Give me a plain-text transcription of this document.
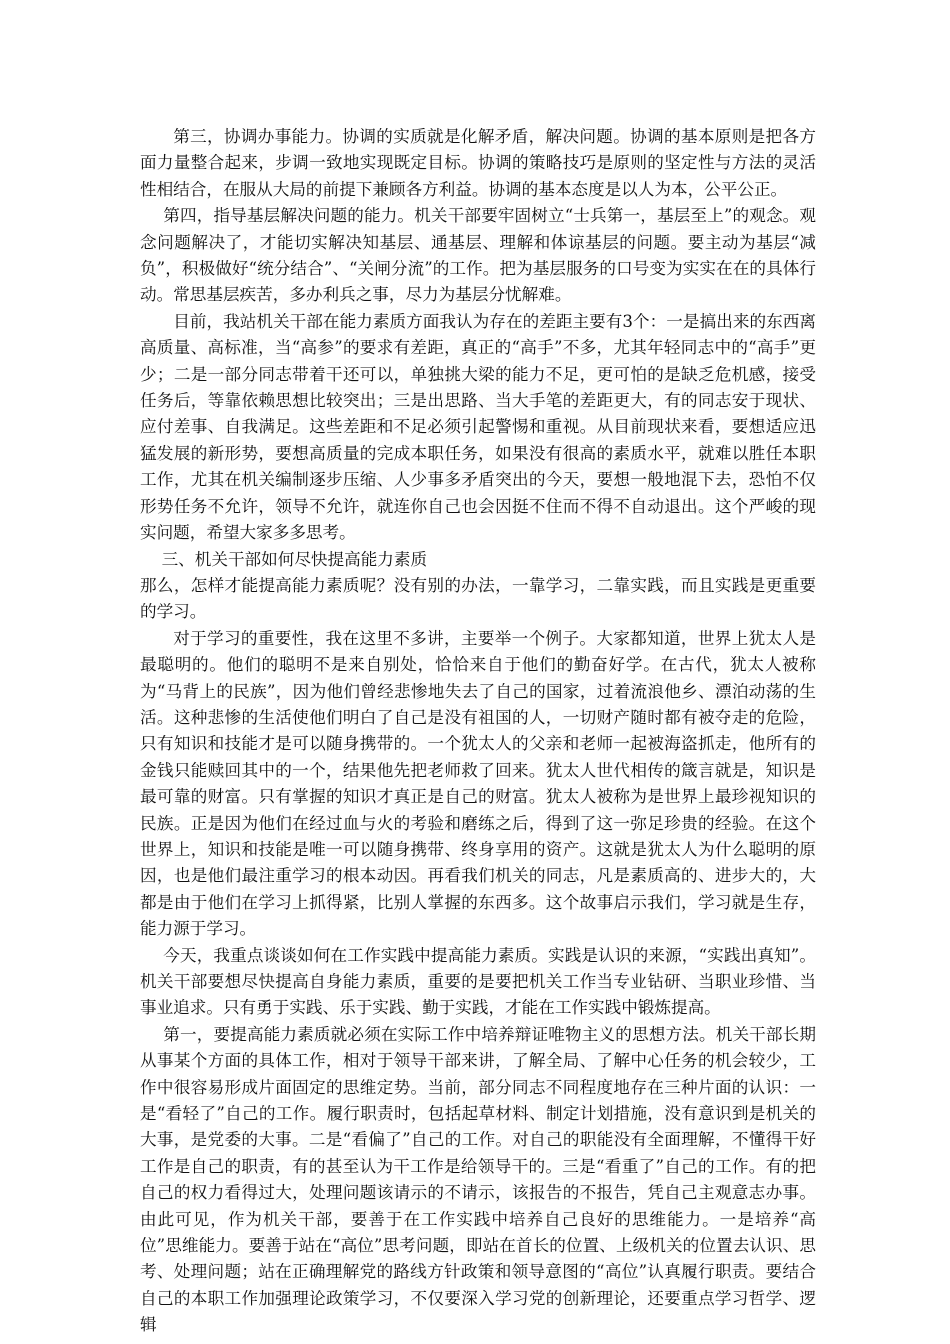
第三，协调办事能力。协调的实质就是化解矛盾，解决问题。协调的基本原则是把各方面力量整合起来，步调一致地实现既定目标。协调的策略技巧是原则的坚定性与方法的灵活性相结合，在服从大局的前提下兼顾各方利益。协调的基本态度是以人为本，公平公正。

第四，指导基层解决问题的能力。机关干部要牢固树立“士兵第一，基层至上”的观念。观念问题解决了，才能切实解决知基层、通基层、理解和体谅基层的问题。要主动为基层“减负”，积极做好“统分结合”、“关闸分流”的工作。把为基层服务的口号变为实实在在的具体行动。常思基层疾苦，多办利兵之事，尽力为基层分忧解难。

目前，我站机关干部在能力素质方面我认为存在的差距主要有3个：一是搞出来的东西离高质量、高标准，当“高参”的要求有差距，真正的“高手”不多，尤其年轻同志中的“高手”更少；二是一部分同志带着干还可以，单独挑大梁的能力不足，更可怕的是缺乏危机感，接受任务后，等靠依赖思想比较突出；三是出思路、当大手笔的差距更大，有的同志安于现状、应付差事、自我满足。这些差距和不足必须引起警惕和重视。从目前现状来看，要想适应迅猛发展的新形势，要想高质量的完成本职任务，如果没有很高的素质水平，就难以胜任本职工作，尤其在机关编制逐步压缩、人少事多矛盾突出的今天，要想一般地混下去，恐怕不仅形势任务不允许，领导不允许，就连你自己也会因挺不住而不得不自动退出。这个严峻的现实问题，希望大家多多思考。

三、机关干部如何尽快提高能力素质

那么，怎样才能提高能力素质呢？没有别的办法，一靠学习，二靠实践，而且实践是更重要的学习。

对于学习的重要性，我在这里不多讲，主要举一个例子。大家都知道，世界上犹太人是最聪明的。他们的聪明不是来自别处，恰恰来自于他们的勤奋好学。在古代，犹太人被称为“马背上的民族”，因为他们曾经悲惨地失去了自己的国家，过着流浪他乡、漂泊动荡的生活。这种悲惨的生活使他们明白了自己是没有祖国的人，一切财产随时都有被夺走的危险，只有知识和技能才是可以随身携带的。一个犹太人的父亲和老师一起被海盗抓走，他所有的金钱只能赎回其中的一个，结果他先把老师救了回来。犹太人世代相传的箴言就是，知识是最可靠的财富。只有掌握的知识才真正是自己的财富。犹太人被称为是世界上最珍视知识的民族。正是因为他们在经过血与火的考验和磨练之后，得到了这一弥足珍贵的经验。在这个世界上，知识和技能是唯一可以随身携带、终身享用的资产。这就是犹太人为什么聪明的原因，也是他们最注重学习的根本动因。再看我们机关的同志，凡是素质高的、进步大的，大都是由于他们在学习上抓得紧，比别人掌握的东西多。这个故事启示我们，学习就是生存，能力源于学习。

今天，我重点谈谈如何在工作实践中提高能力素质。实践是认识的来源，“实践出真知”。机关干部要想尽快提高自身能力素质，重要的是要把机关工作当专业钻研、当职业珍惜、当事业追求。只有勇于实践、乐于实践、勤于实践，才能在工作实践中锻炼提高。

第一，要提高能力素质就必须在实际工作中培养辩证唯物主义的思想方法。机关干部长期从事某个方面的具体工作，相对于领导干部来讲，了解全局、了解中心任务的机会较少，工作中很容易形成片面固定的思维定势。当前，部分同志不同程度地存在三种片面的认识：一是“看轻了”自己的工作。履行职责时，包括起草材料、制定计划措施，没有意识到是机关的大事，是党委的大事。二是“看偏了”自己的工作。对自己的职能没有全面理解，不懂得干好工作是自己的职责，有的甚至认为干工作是给领导干的。三是“看重了”自己的工作。有的把自己的权力看得过大，处理问题该请示的不请示，该报告的不报告，凭自己主观意志办事。由此可见，作为机关干部，要善于在工作实践中培养自己良好的思维能力。一是培养“高位”思维能力。要善于站在“高位”思考问题，即站在首长的位置、上级机关的位置去认识、思考、处理问题；站在正确理解党的路线方针政策和领导意图的“高位”认真履行职责。要结合自己的本职工作加强理论政策学习，不仅要深入学习党的创新理论，还要重点学习哲学、逻辑
